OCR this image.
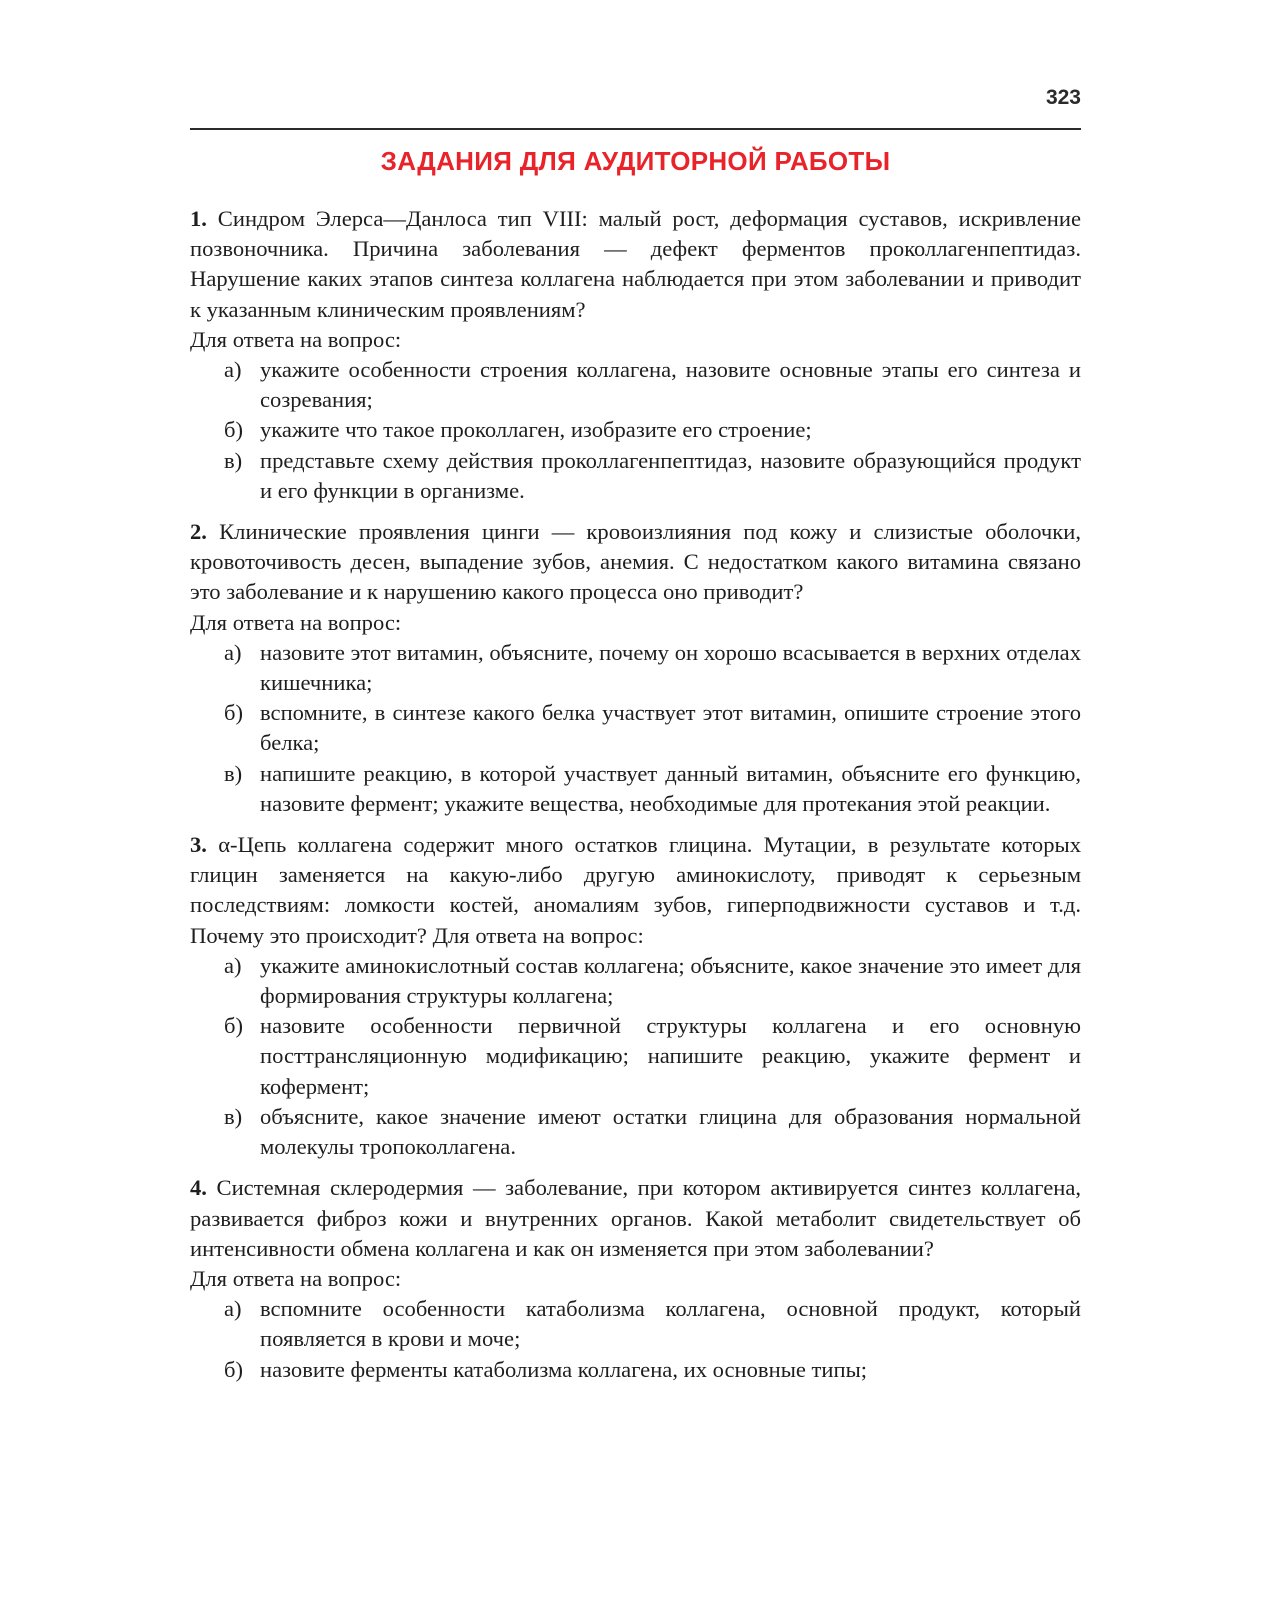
323
ЗАДАНИЯ ДЛЯ АУДИТОРНОЙ РАБОТЫ

1. Синдром Элерса—Данлоса тип VIII: малый рост, деформация суставов, искривление позвоночника. Причина заболевания — дефект ферментов проколлагенпептидаз. Нарушение каких этапов синтеза коллагена наблюдается при этом заболевании и приводит к указанным клиническим проявлениям?

Для ответа на вопрос:

а) укажите особенности строения коллагена, назовите основные этапы его синтеза и созревания;
б) укажите что такое проколлаген, изобразите его строение;
в) представьте схему действия проколлагенпептидаз, назовите образующийся продукт и его функции в организме.

2. Клинические проявления цинги — кровоизлияния под кожу и слизистые оболочки, кровоточивость десен, выпадение зубов, анемия. С недостатком какого витамина связано это заболевание и к нарушению какого процесса оно приводит?

Для ответа на вопрос:

а) назовите этот витамин, объясните, почему он хорошо всасывается в верхних отделах кишечника;
б) вспомните, в синтезе какого белка участвует этот витамин, опишите строение этого белка;
в) напишите реакцию, в которой участвует данный витамин, объясните его функцию, назовите фермент; укажите вещества, необходимые для протекания этой реакции.

3. α-Цепь коллагена содержит много остатков глицина. Мутации, в результате которых глицин заменяется на какую-либо другую аминокислоту, приводят к серьезным последствиям: ломкости костей, аномалиям зубов, гиперподвижности суставов и т.д. Почему это происходит? Для ответа на вопрос:

а) укажите аминокислотный состав коллагена; объясните, какое значение это имеет для формирования структуры коллагена;
б) назовите особенности первичной структуры коллагена и его основную посттрансляционную модификацию; напишите реакцию, укажите фермент и кофермент;
в) объясните, какое значение имеют остатки глицина для образования нормальной молекулы тропоколлагена.

4. Системная склеродермия — заболевание, при котором активируется синтез коллагена, развивается фиброз кожи и внутренних органов. Какой метаболит свидетельствует об интенсивности обмена коллагена и как он изменяется при этом заболевании?

Для ответа на вопрос:

а) вспомните особенности катаболизма коллагена, основной продукт, который появляется в крови и моче;
б) назовите ферменты катаболизма коллагена, их основные типы;
